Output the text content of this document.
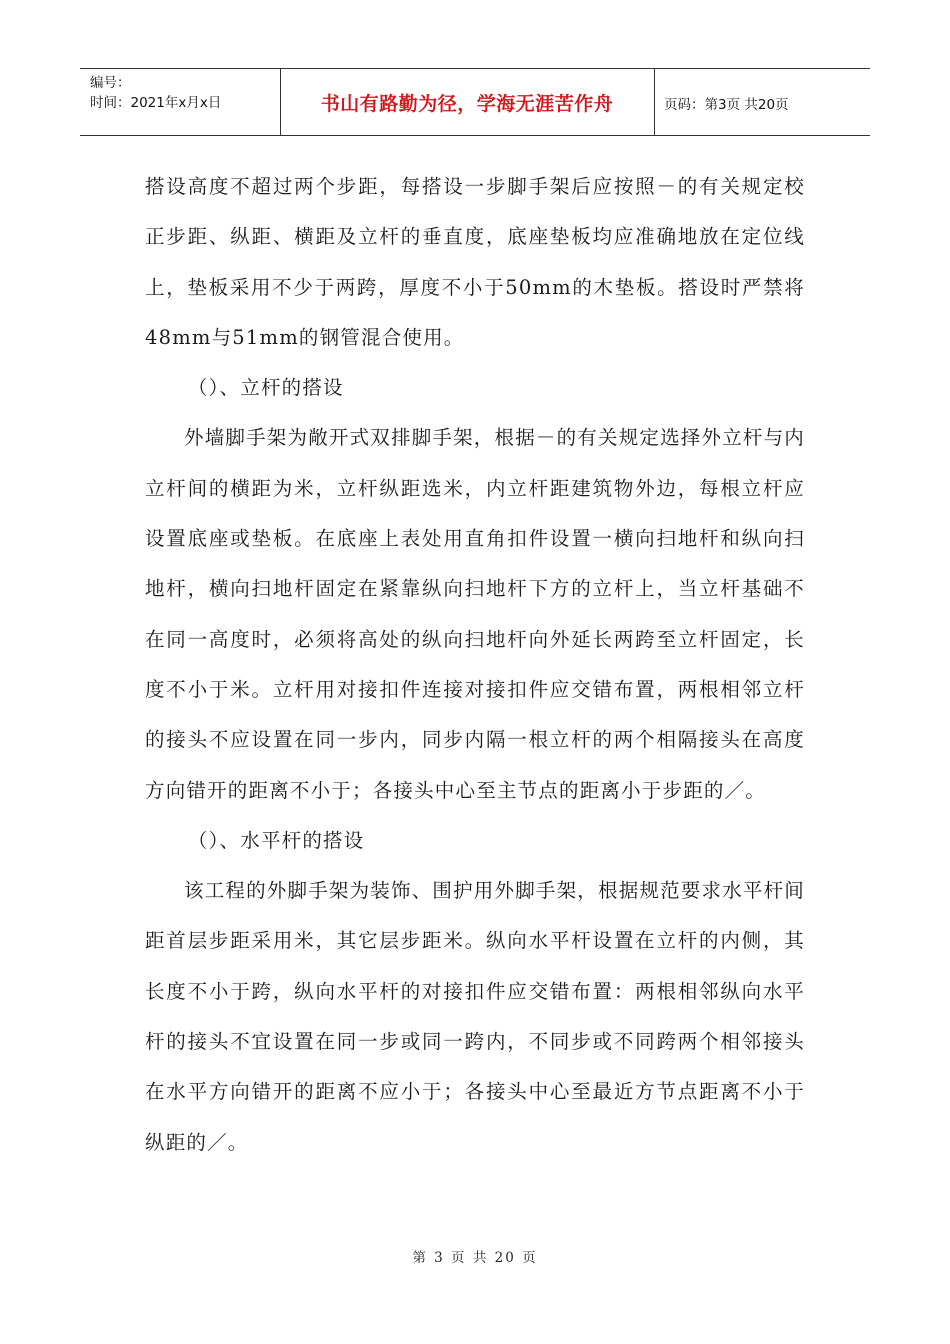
编号：
时间：2021年x月x日	书山有路勤为径，学海无涯苦作舟	页码：第3页 共20页

搭设高度不超过两个步距，每搭设一步脚手架后应按照－的有关规定校正步距、纵距、横距及立杆的垂直度，底座垫板均应准确地放在定位线上，垫板采用不少于两跨，厚度不小于50mm的木垫板。搭设时严禁将48mm与51mm的钢管混合使用。

（）、立杆的搭设

外墙脚手架为敞开式双排脚手架，根据－的有关规定选择外立杆与内立杆间的横距为米，立杆纵距选米，内立杆距建筑物外边，每根立杆应设置底座或垫板。在底座上表处用直角扣件设置一横向扫地杆和纵向扫地杆，横向扫地杆固定在紧靠纵向扫地杆下方的立杆上，当立杆基础不在同一高度时，必须将高处的纵向扫地杆向外延长两跨至立杆固定，长度不小于米。立杆用对接扣件连接对接扣件应交错布置，两根相邻立杆的接头不应设置在同一步内，同步内隔一根立杆的两个相隔接头在高度方向错开的距离不小于；各接头中心至主节点的距离小于步距的／。

（）、水平杆的搭设

该工程的外脚手架为装饰、围护用外脚手架，根据规范要求水平杆间距首层步距采用米，其它层步距米。纵向水平杆设置在立杆的内侧，其长度不小于跨，纵向水平杆的对接扣件应交错布置：两根相邻纵向水平杆的接头不宜设置在同一步或同一跨内，不同步或不同跨两个相邻接头在水平方向错开的距离不应小于；各接头中心至最近方节点距离不小于纵距的／。

第 3 页 共 20 页
